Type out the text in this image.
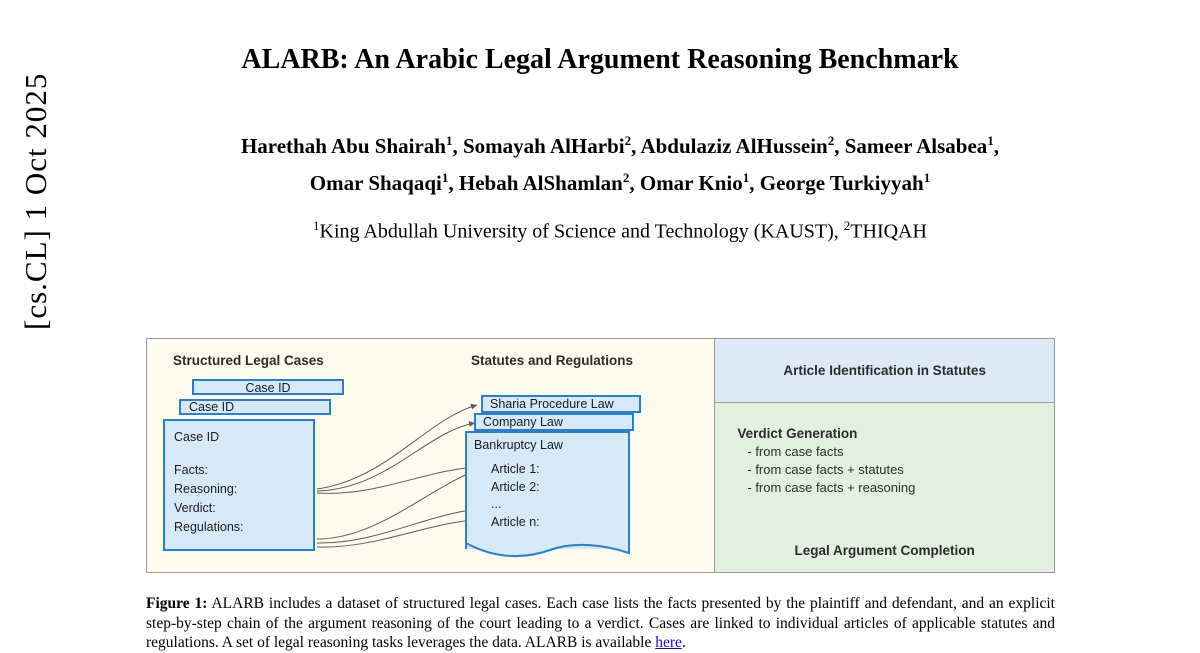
[cs.CL] 1 Oct 2025
ALARB: An Arabic Legal Argument Reasoning Benchmark
Harethah Abu Shairah$^1$, Somayah AlHarbi$^2$, Abdulaziz AlHussein$^2$, Sameer Alsabea$^1$,
Omar Shaqaqi$^1$, Hebah AlShamlan$^2$, Omar Knio$^1$, George Turkiyyah$^1$
$^1$King Abdullah University of Science and Technology (KAUST), $^2$THIQAH
Structured Legal Cases	Statutes and Regulations
Case ID
Case ID
Case ID
Facts:
Reasoning:
Verdict:
Regulations:
Sharia Procedure Law
Company Law
Bankruptcy Law
Article 1:
Article 2:
...
Article n:
Article Identification in Statutes
Verdict Generation
- from case facts
- from case facts + statutes
- from case facts + reasoning
Legal Argument Completion
Figure 1: ALARB includes a dataset of structured legal cases. Each case lists the facts presented by the plaintiff and defendant, and an explicit step-by-step chain of the argument reasoning of the court leading to a verdict. Cases are linked to individual articles of applicable statutes and regulations. A set of legal reasoning tasks leverages the data. ALARB is available here.
